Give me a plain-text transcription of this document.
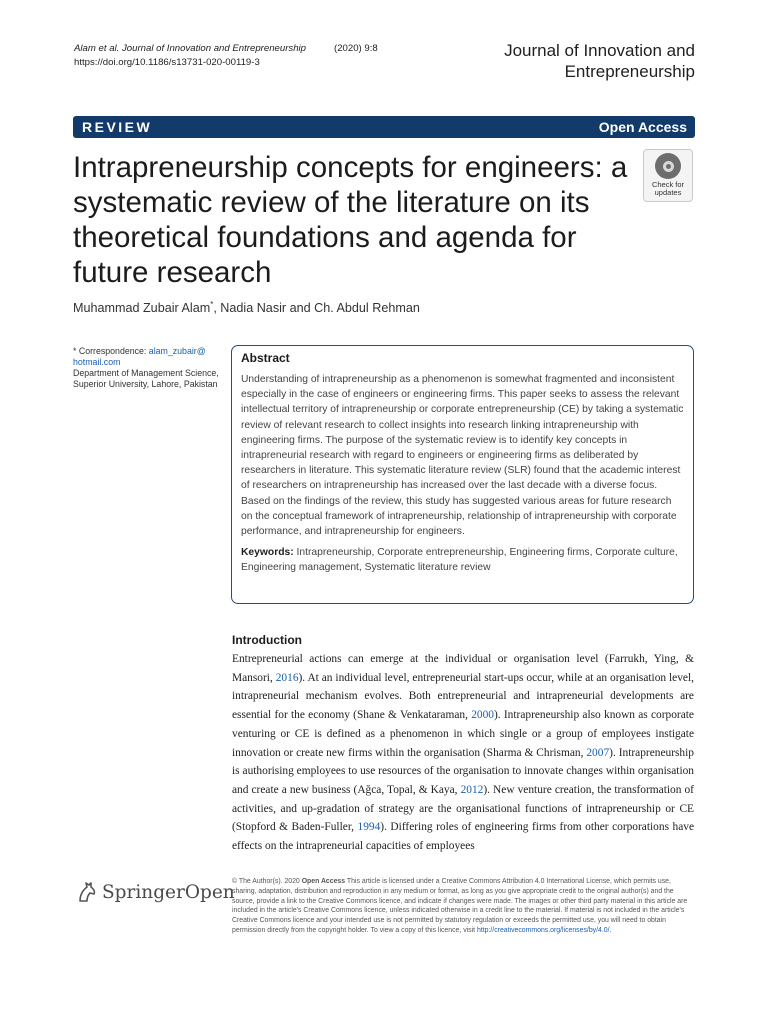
Alam et al. Journal of Innovation and Entrepreneurship	(2020) 9:8
https://doi.org/10.1186/s13731-020-00119-3
Journal of Innovation and
Entrepreneurship
REVIEW	Open Access
Intrapreneurship concepts for engineers: a systematic review of the literature on its theoretical foundations and agenda for future research
Check for
updates
Muhammad Zubair Alam*, Nadia Nasir and Ch. Abdul Rehman
* Correspondence: alam_zubair@
hotmail.com
Department of Management Science, Superior University, Lahore, Pakistan
Abstract

Understanding of intrapreneurship as a phenomenon is somewhat fragmented and inconsistent especially in the case of engineers or engineering firms. This paper seeks to assess the relevant intellectual territory of intrapreneurship or corporate entrepreneurship (CE) by taking a systematic review of relevant research to collect insights into research linking intrapreneurship with engineering firms. The purpose of the systematic review is to identify key concepts in intrapreneurial research with regard to engineers or engineering firms as deliberated by researchers in literature. This systematic literature review (SLR) found that the academic interest of researchers on intrapreneurship has increased over the last decade with a diverse focus. Based on the findings of the review, this study has suggested various areas for future research on the conceptual framework of intrapreneurship, relationship of intrapreneurship with corporate performance, and intrapreneurship for engineers.

Keywords: Intrapreneurship, Corporate entrepreneurship, Engineering firms, Corporate culture, Engineering management, Systematic literature review

Introduction

Entrepreneurial actions can emerge at the individual or organisation level (Farrukh, Ying, & Mansori, 2016). At an individual level, entrepreneurial start-ups occur, while at an organisation level, intrapreneurial mechanism evolves. Both entrepreneurial and intrapreneurial developments are essential for the economy (Shane & Venkataraman, 2000). Intrapreneurship also known as corporate venturing or CE is defined as a phenomenon in which single or a group of employees instigate innovation or create new firms within the organisation (Sharma & Chrisman, 2007). Intrapreneurship is authorising employees to use resources of the organisation to innovate changes within organisation and create a new business (Ağca, Topal, & Kaya, 2012). New venture creation, the transformation of activities, and up-gradation of strategy are the organisational functions of intrapreneurship or CE (Stopford & Baden-Fuller, 1994). Differing roles of engineering firms from other corporations have effects on the intrapreneurial capacities of employees

SpringerOpen

© The Author(s). 2020 Open Access This article is licensed under a Creative Commons Attribution 4.0 International License, which permits use, sharing, adaptation, distribution and reproduction in any medium or format, as long as you give appropriate credit to the original author(s) and the source, provide a link to the Creative Commons licence, and indicate if changes were made. The images or other third party material in this article are included in the article's Creative Commons licence, unless indicated otherwise in a credit line to the material. If material is not included in the article's Creative Commons licence and your intended use is not permitted by statutory regulation or exceeds the permitted use, you will need to obtain permission directly from the copyright holder. To view a copy of this licence, visit http://creativecommons.org/licenses/by/4.0/.
